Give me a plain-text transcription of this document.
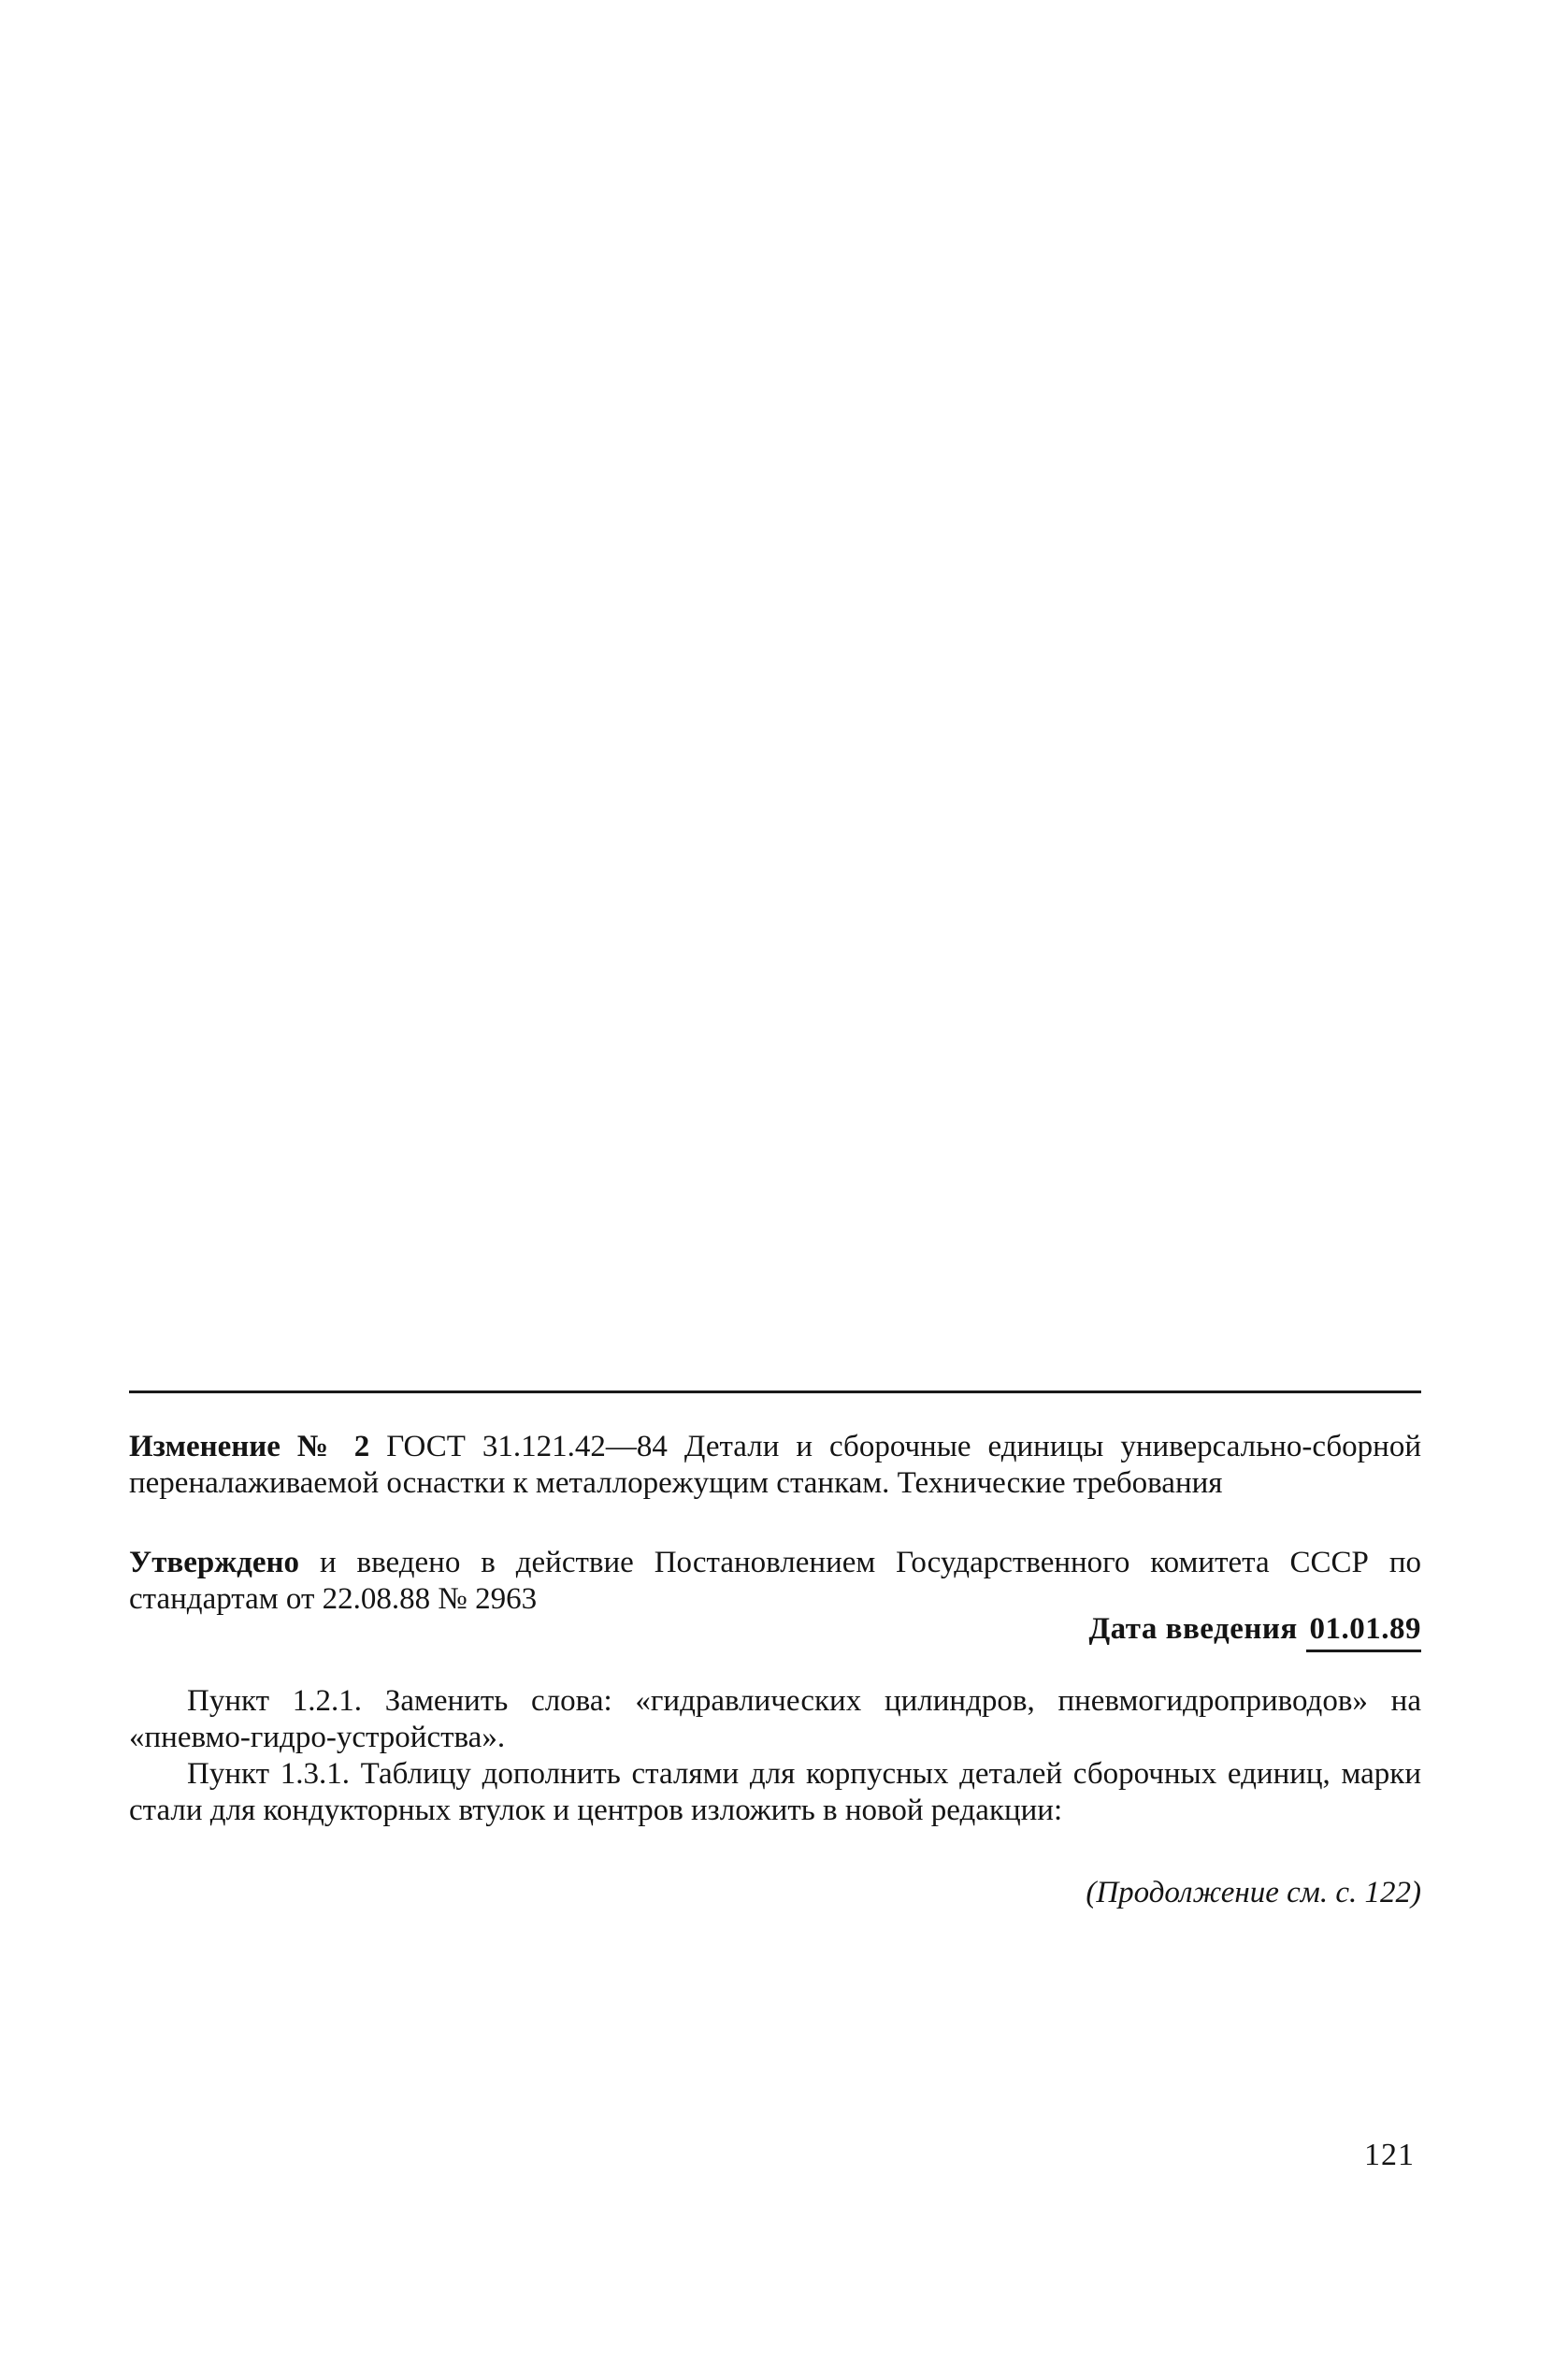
Изменение № 2 ГОСТ 31.121.42—84 Детали и сборочные единицы универсально-сборной переналаживаемой оснастки к металлорежущим станкам. Технические требования
Утверждено и введено в действие Постановлением Государственного комитета СССР по стандартам от 22.08.88 № 2963
Дата введения 01.01.89
Пункт 1.2.1. Заменить слова: «гидравлических цилиндров, пневмогидроприводов» на «пневмо-гидро-устройства».
Пункт 1.3.1. Таблицу дополнить сталями для корпусных деталей сборочных единиц, марки стали для кондукторных втулок и центров изложить в новой редакции:
(Продолжение см. с. 122)
121
